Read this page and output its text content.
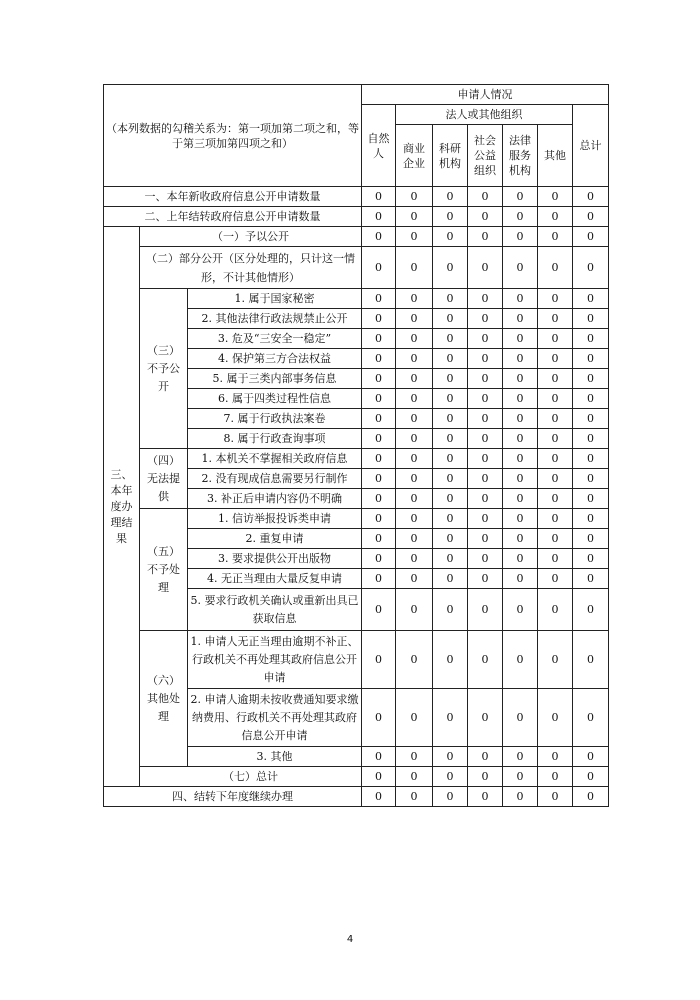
（本列数据的勾稽关系为：第一项加第二项之和，等于第三项加第四项之和）			申请人情况						
			自然人	法人或其他组织					总计
				商业企业	科研机构	社会公益组织	法律服务机构	其他	
一、本年新收政府信息公开申请数量			0	0	0	0	0	0	0
二、上年结转政府信息公开申请数量			0	0	0	0	0	0	0
三、本年度办理结果	（一）予以公开		0	0	0	0	0	0	0
	（二）部分公开（区分处理的，只计这一情形，不计其他情形）		0	0	0	0	0	0	0
	（三）不予公开	1. 属于国家秘密	0	0	0	0	0	0	0
		2. 其他法律行政法规禁止公开	0	0	0	0	0	0	0
		3. 危及“三安全一稳定”	0	0	0	0	0	0	0
		4. 保护第三方合法权益	0	0	0	0	0	0	0
		5. 属于三类内部事务信息	0	0	0	0	0	0	0
		6. 属于四类过程性信息	0	0	0	0	0	0	0
		7. 属于行政执法案卷	0	0	0	0	0	0	0
		8. 属于行政查询事项	0	0	0	0	0	0	0
	（四）无法提供	1. 本机关不掌握相关政府信息	0	0	0	0	0	0	0
		2. 没有现成信息需要另行制作	0	0	0	0	0	0	0
		3. 补正后申请内容仍不明确	0	0	0	0	0	0	0
	（五）不予处理	1. 信访举报投诉类申请	0	0	0	0	0	0	0
		2. 重复申请	0	0	0	0	0	0	0
		3. 要求提供公开出版物	0	0	0	0	0	0	0
		4. 无正当理由大量反复申请	0	0	0	0	0	0	0
		5. 要求行政机关确认或重新出具已获取信息	0	0	0	0	0	0	0
	（六）其他处理	1. 申请人无正当理由逾期不补正、行政机关不再处理其政府信息公开申请	0	0	0	0	0	0	0
		2. 申请人逾期未按收费通知要求缴纳费用、行政机关不再处理其政府信息公开申请	0	0	0	0	0	0	0
		3. 其他	0	0	0	0	0	0	0
	（七）总计		0	0	0	0	0	0	0
四、结转下年度继续办理			0	0	0	0	0	0	0
4
